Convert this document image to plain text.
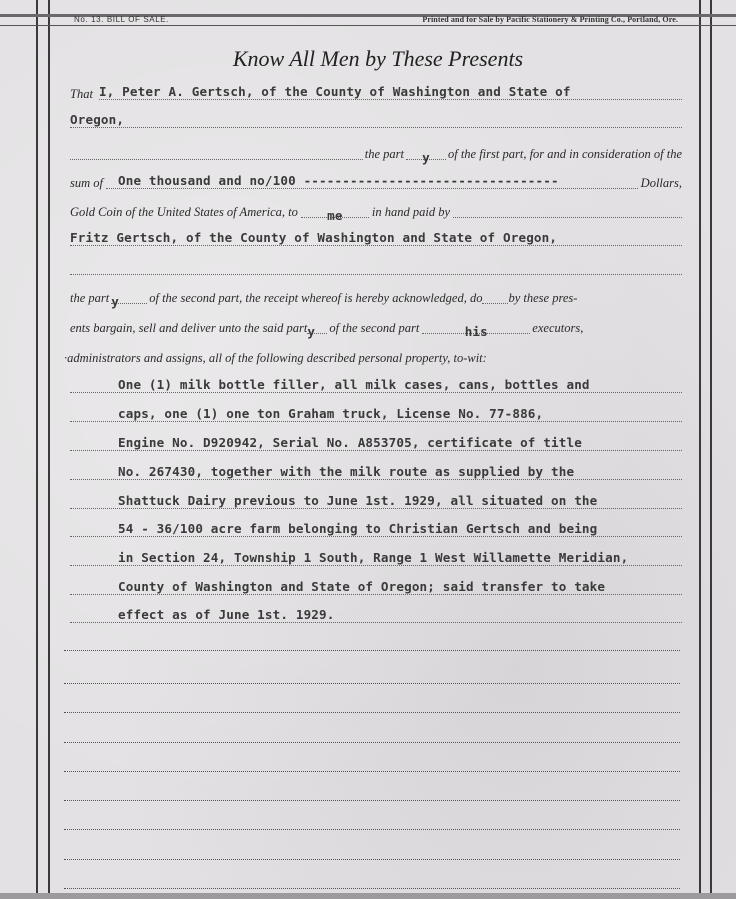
No. 13. BILL OF SALE.	Printed and for Sale by Pacific Stationery & Printing Co., Portland, Ore.
Know All Men by These Presents
That I, Peter A. Gertsch, of the County of Washington and State of
Oregon,
the part	y	of the first part, for and in consideration of the
sum of One thousand and no/100 ---------------------------------	Dollars,
Gold Coin of the United States of America, to	me	in hand paid by
Fritz Gertsch, of the County of Washington and State of Oregon,
the part y	of the second part, the receipt whereof is hereby acknowledged, do by these pres-
ents bargain, sell and deliver unto the said part y	of the second part	his	executors,
·administrators and assigns, all of the following described personal property, to-wit:
One (1) milk bottle filler, all milk cases, cans, bottles and
caps, one (1) one ton Graham truck, License No. 77-886,
Engine No. D920942, Serial No. A853705, certificate of title
No. 267430, together with the milk route as supplied by the
Shattuck Dairy previous to June 1st. 1929, all situated on the
54 - 36/100 acre farm belonging to Christian Gertsch and being
in Section 24, Township 1 South, Range 1 West Willamette Meridian,
County of Washington and State of Oregon; said transfer to take
effect as of June 1st. 1929.
